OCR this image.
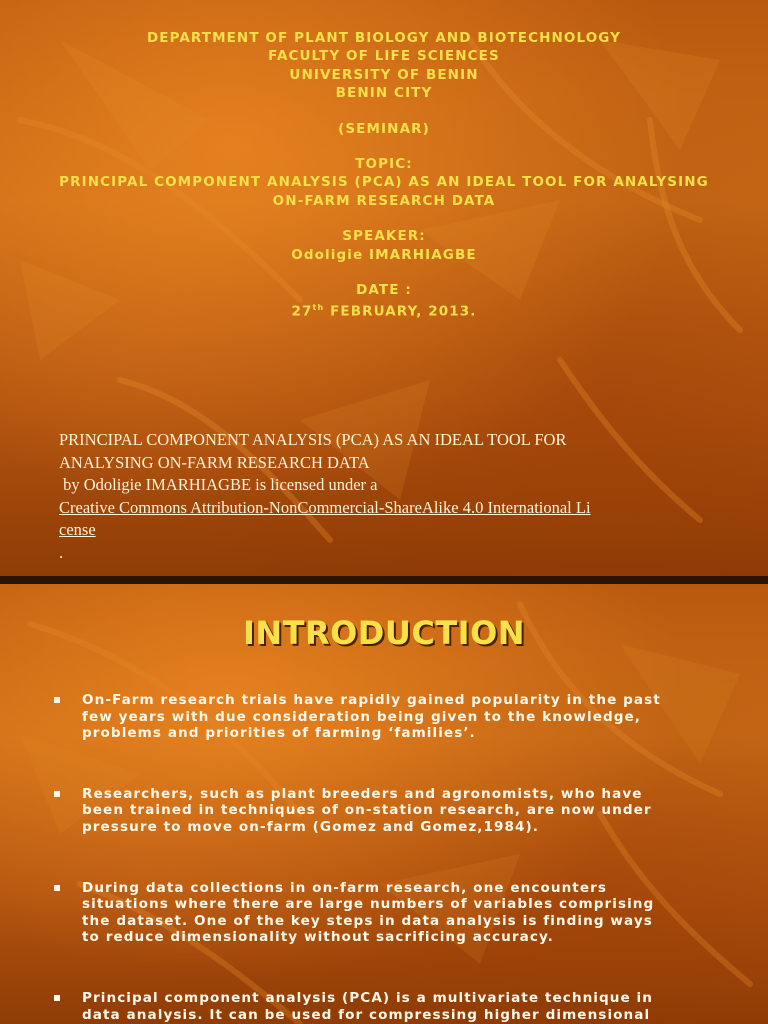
DEPARTMENT OF PLANT BIOLOGY AND BIOTECHNOLOGY

FACULTY OF LIFE SCIENCES

UNIVERSITY OF BENIN

BENIN CITY

(SEMINAR)

TOPIC:

PRINCIPAL COMPONENT ANALYSIS (PCA) AS AN IDEAL TOOL FOR ANALYSING

ON-FARM RESEARCH DATA

SPEAKER:

Odoligie IMARHIAGBE

DATE :

27th FEBRUARY, 2013.

PRINCIPAL COMPONENT ANALYSIS (PCA) AS AN IDEAL TOOL FOR
ANALYSING ON-FARM RESEARCH DATA
by Odoligie IMARHIAGBE is licensed under a
Creative Commons Attribution-NonCommercial-ShareAlike 4.0 International Li
cense
.
INTRODUCTION
On-Farm research trials have rapidly gained popularity in the past
few years with due consideration being given to the knowledge,
problems and priorities of farming ‘families’.
Researchers, such as plant breeders and agronomists, who have
been trained in techniques of on-station research, are now under
pressure to move on-farm (Gomez and Gomez,1984).
During data collections in on-farm research, one encounters
situations where there are large numbers of variables comprising
the dataset. One of the key steps in data analysis is finding ways
to reduce dimensionality without sacrificing accuracy.
Principal component analysis (PCA) is a multivariate technique in
data analysis. It can be used for compressing higher dimensional
